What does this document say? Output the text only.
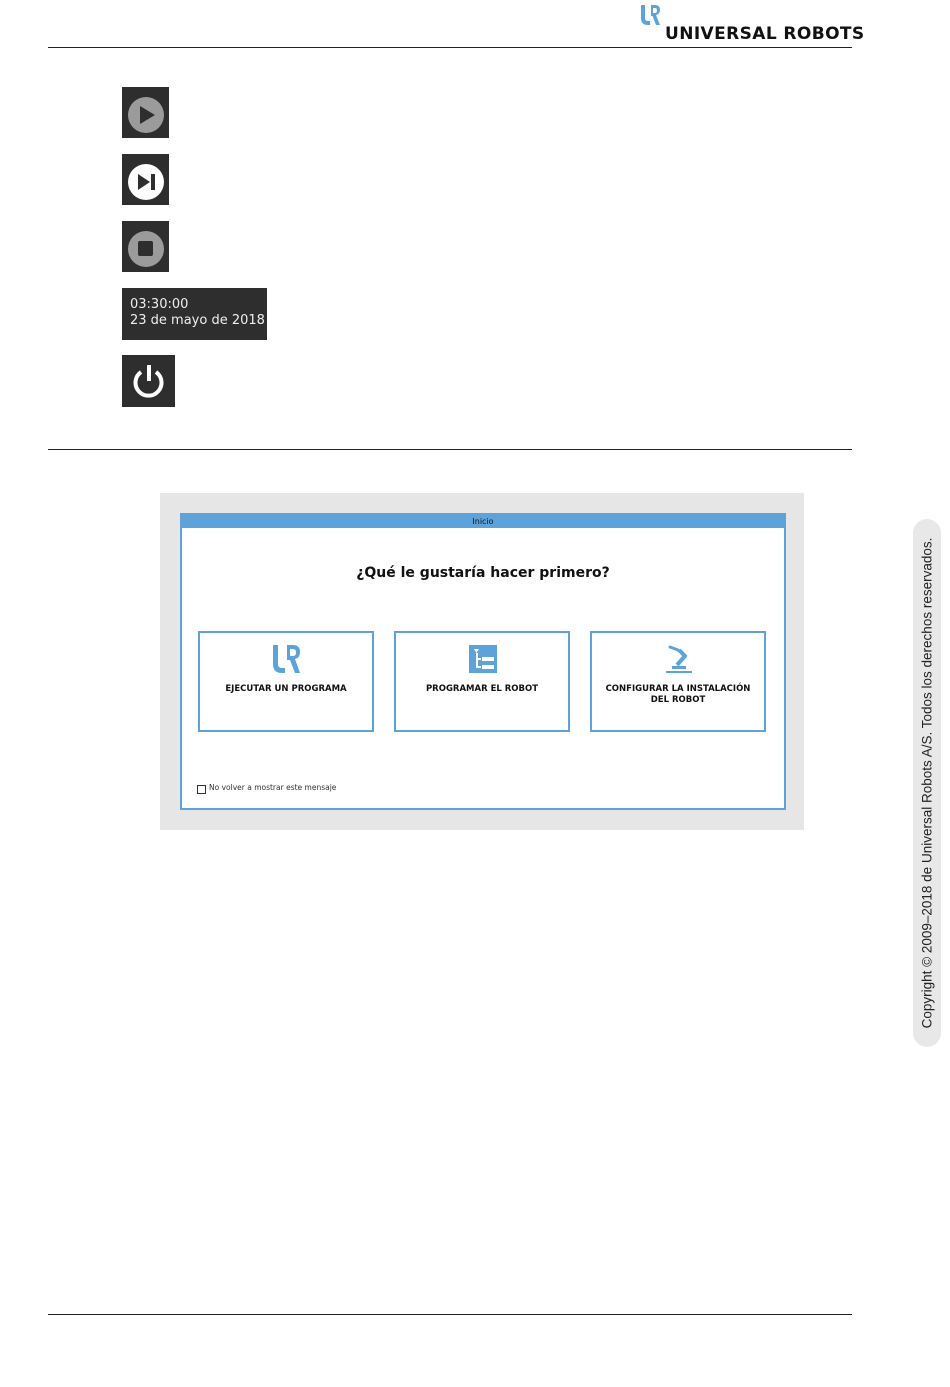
UNIVERSAL ROBOTS
03:30:00
23 de mayo de 2018
Inicio
¿Qué le gustaría hacer primero?
EJECUTAR UN PROGRAMA	PROGRAMAR EL ROBOT	CONFIGURAR LA INSTALACIÓN DEL ROBOT
No volver a mostrar este mensaje	Copyright © 2009–2018 de Universal Robots A/S. Todos los derechos reservados.
